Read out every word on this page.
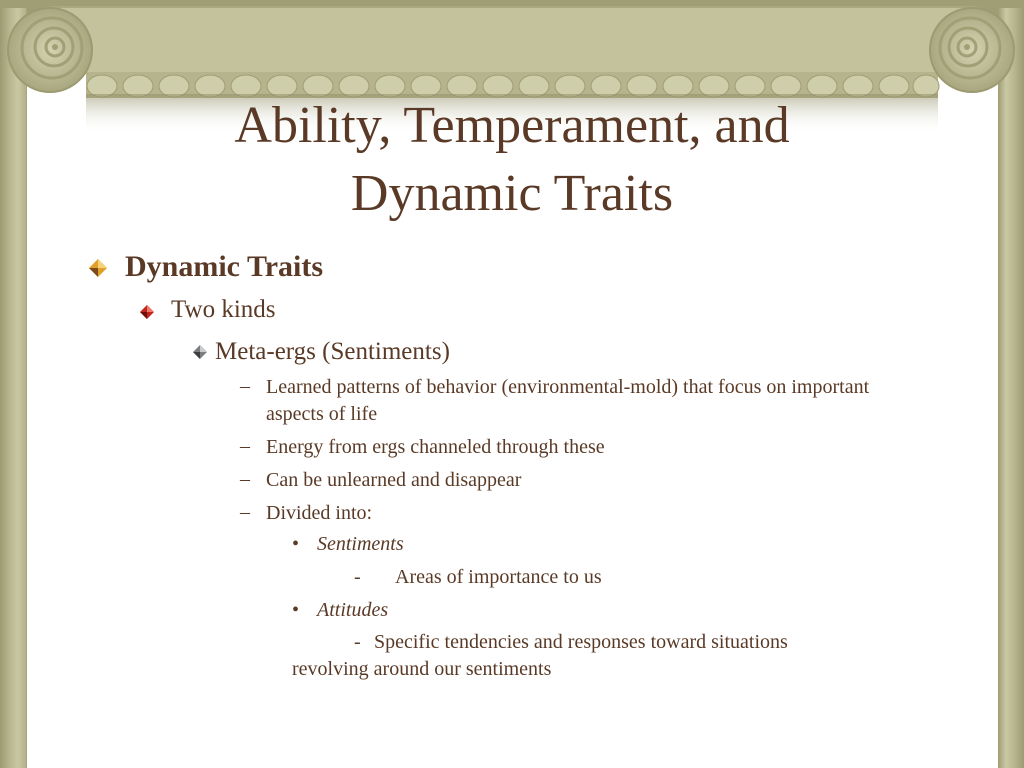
Ability, Temperament, and
Dynamic Traits
Dynamic Traits
Two kinds
Meta-ergs (Sentiments)
– Learned patterns of behavior (environmental-mold) that focus on important aspects of life
– Energy from ergs channeled through these
– Can be unlearned and disappear
– Divided into:
• Sentiments
- Areas of importance to us
• Attitudes
- Specific tendencies and responses toward situations
revolving around our sentiments
